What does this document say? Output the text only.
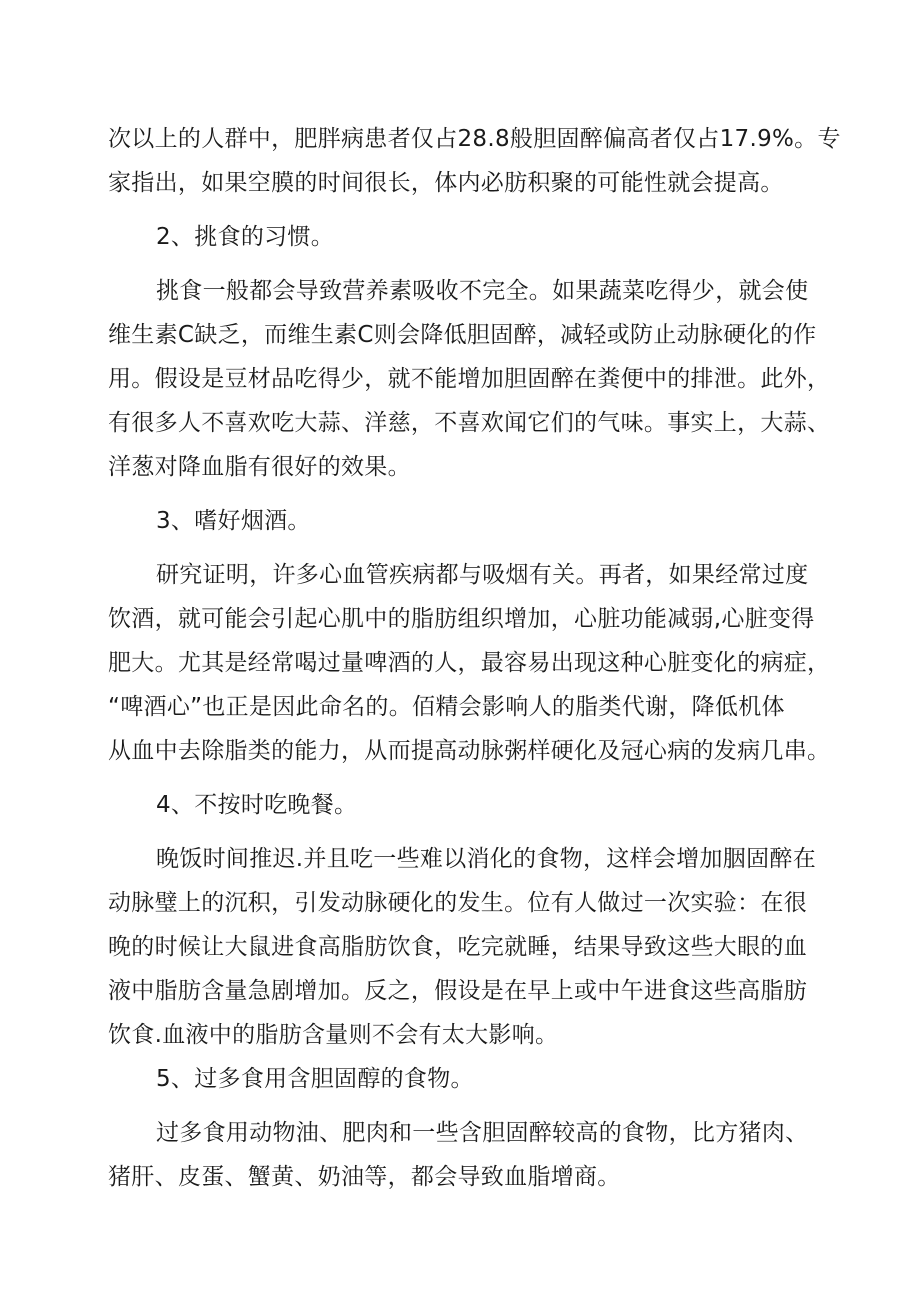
次以上的人群中，肥胖病患者仅占28.8般胆固醉偏高者仅占17.9%。专
家指出，如果空膜的时间很长，体内必肪积聚的可能性就会提高。
2、挑食的习惯。
挑食一般都会导致营养素吸收不完全。如果蔬菜吃得少，就会使
维生素C缺乏，而维生素C则会降低胆固醉，减轻或防止动脉硬化的作
用。假设是豆材品吃得少，就不能增加胆固醉在粪便中的排泄。此外，
有很多人不喜欢吃大蒜、洋慈，不喜欢闻它们的气味。事实上，大蒜、
洋葱对降血脂有很好的效果。
3、嗜好烟酒。
研究证明，许多心血管疾病都与吸烟有关。再者，如果经常过度
饮酒，就可能会引起心肌中的脂肪组织增加，心脏功能减弱,心脏变得
肥大。尤其是经常喝过量啤酒的人，最容易出现这种心脏变化的病症，
“啤酒心”也正是因此命名的。佰精会影响人的脂类代谢，降低机体
从血中去除脂类的能力，从而提高动脉粥样硬化及冠心病的发病几串。
4、不按时吃晚餐。
晚饭时间推迟.并且吃一些难以消化的食物，这样会增加胭固醉在
动脉璧上的沉积，引发动脉硬化的发生。位有人做过一次实验：在很
晚的时候让大鼠进食高脂肪饮食，吃完就睡，结果导致这些大眼的血
液中脂肪含量急剧增加。反之，假设是在早上或中午进食这些高脂肪
饮食.血液中的脂肪含量则不会有太大影响。
5、过多食用含胆固醇的食物。
过多食用动物油、肥肉和一些含胆固醉较高的食物，比方猪肉、
猪肝、皮蛋、蟹黄、奶油等，都会导致血脂增商。
